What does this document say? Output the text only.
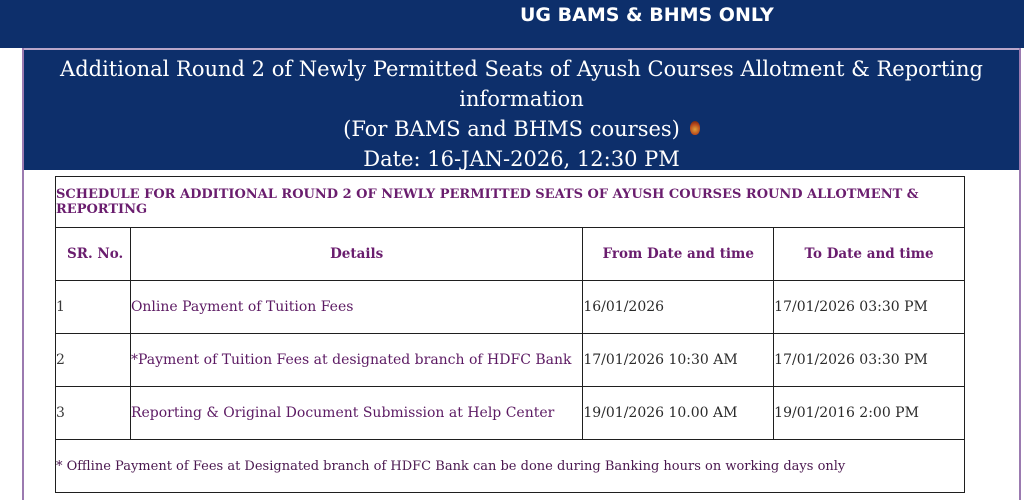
UG BAMS & BHMS ONLY
Additional Round 2 of Newly Permitted Seats of Ayush Courses Allotment & Reporting
information
(For BAMS and BHMS courses)
Date: 16-JAN-2026, 12:30 PM
SCHEDULE FOR ADDITIONAL ROUND 2 OF NEWLY PERMITTED SEATS OF AYUSH COURSES ROUND ALLOTMENT & REPORTING			
SR. No.	Details	From Date and time	To Date and time
1	Online Payment of Tuition Fees	16/01/2026	17/01/2026 03:30 PM
2	*Payment of Tuition Fees at designated branch of HDFC Bank	17/01/2026 10:30 AM	17/01/2026 03:30 PM
3	Reporting & Original Document Submission at Help Center	19/01/2026 10.00 AM	19/01/2016 2:00 PM
* Offline Payment of Fees at Designated branch of HDFC Bank can be done during Banking hours on working days only			
